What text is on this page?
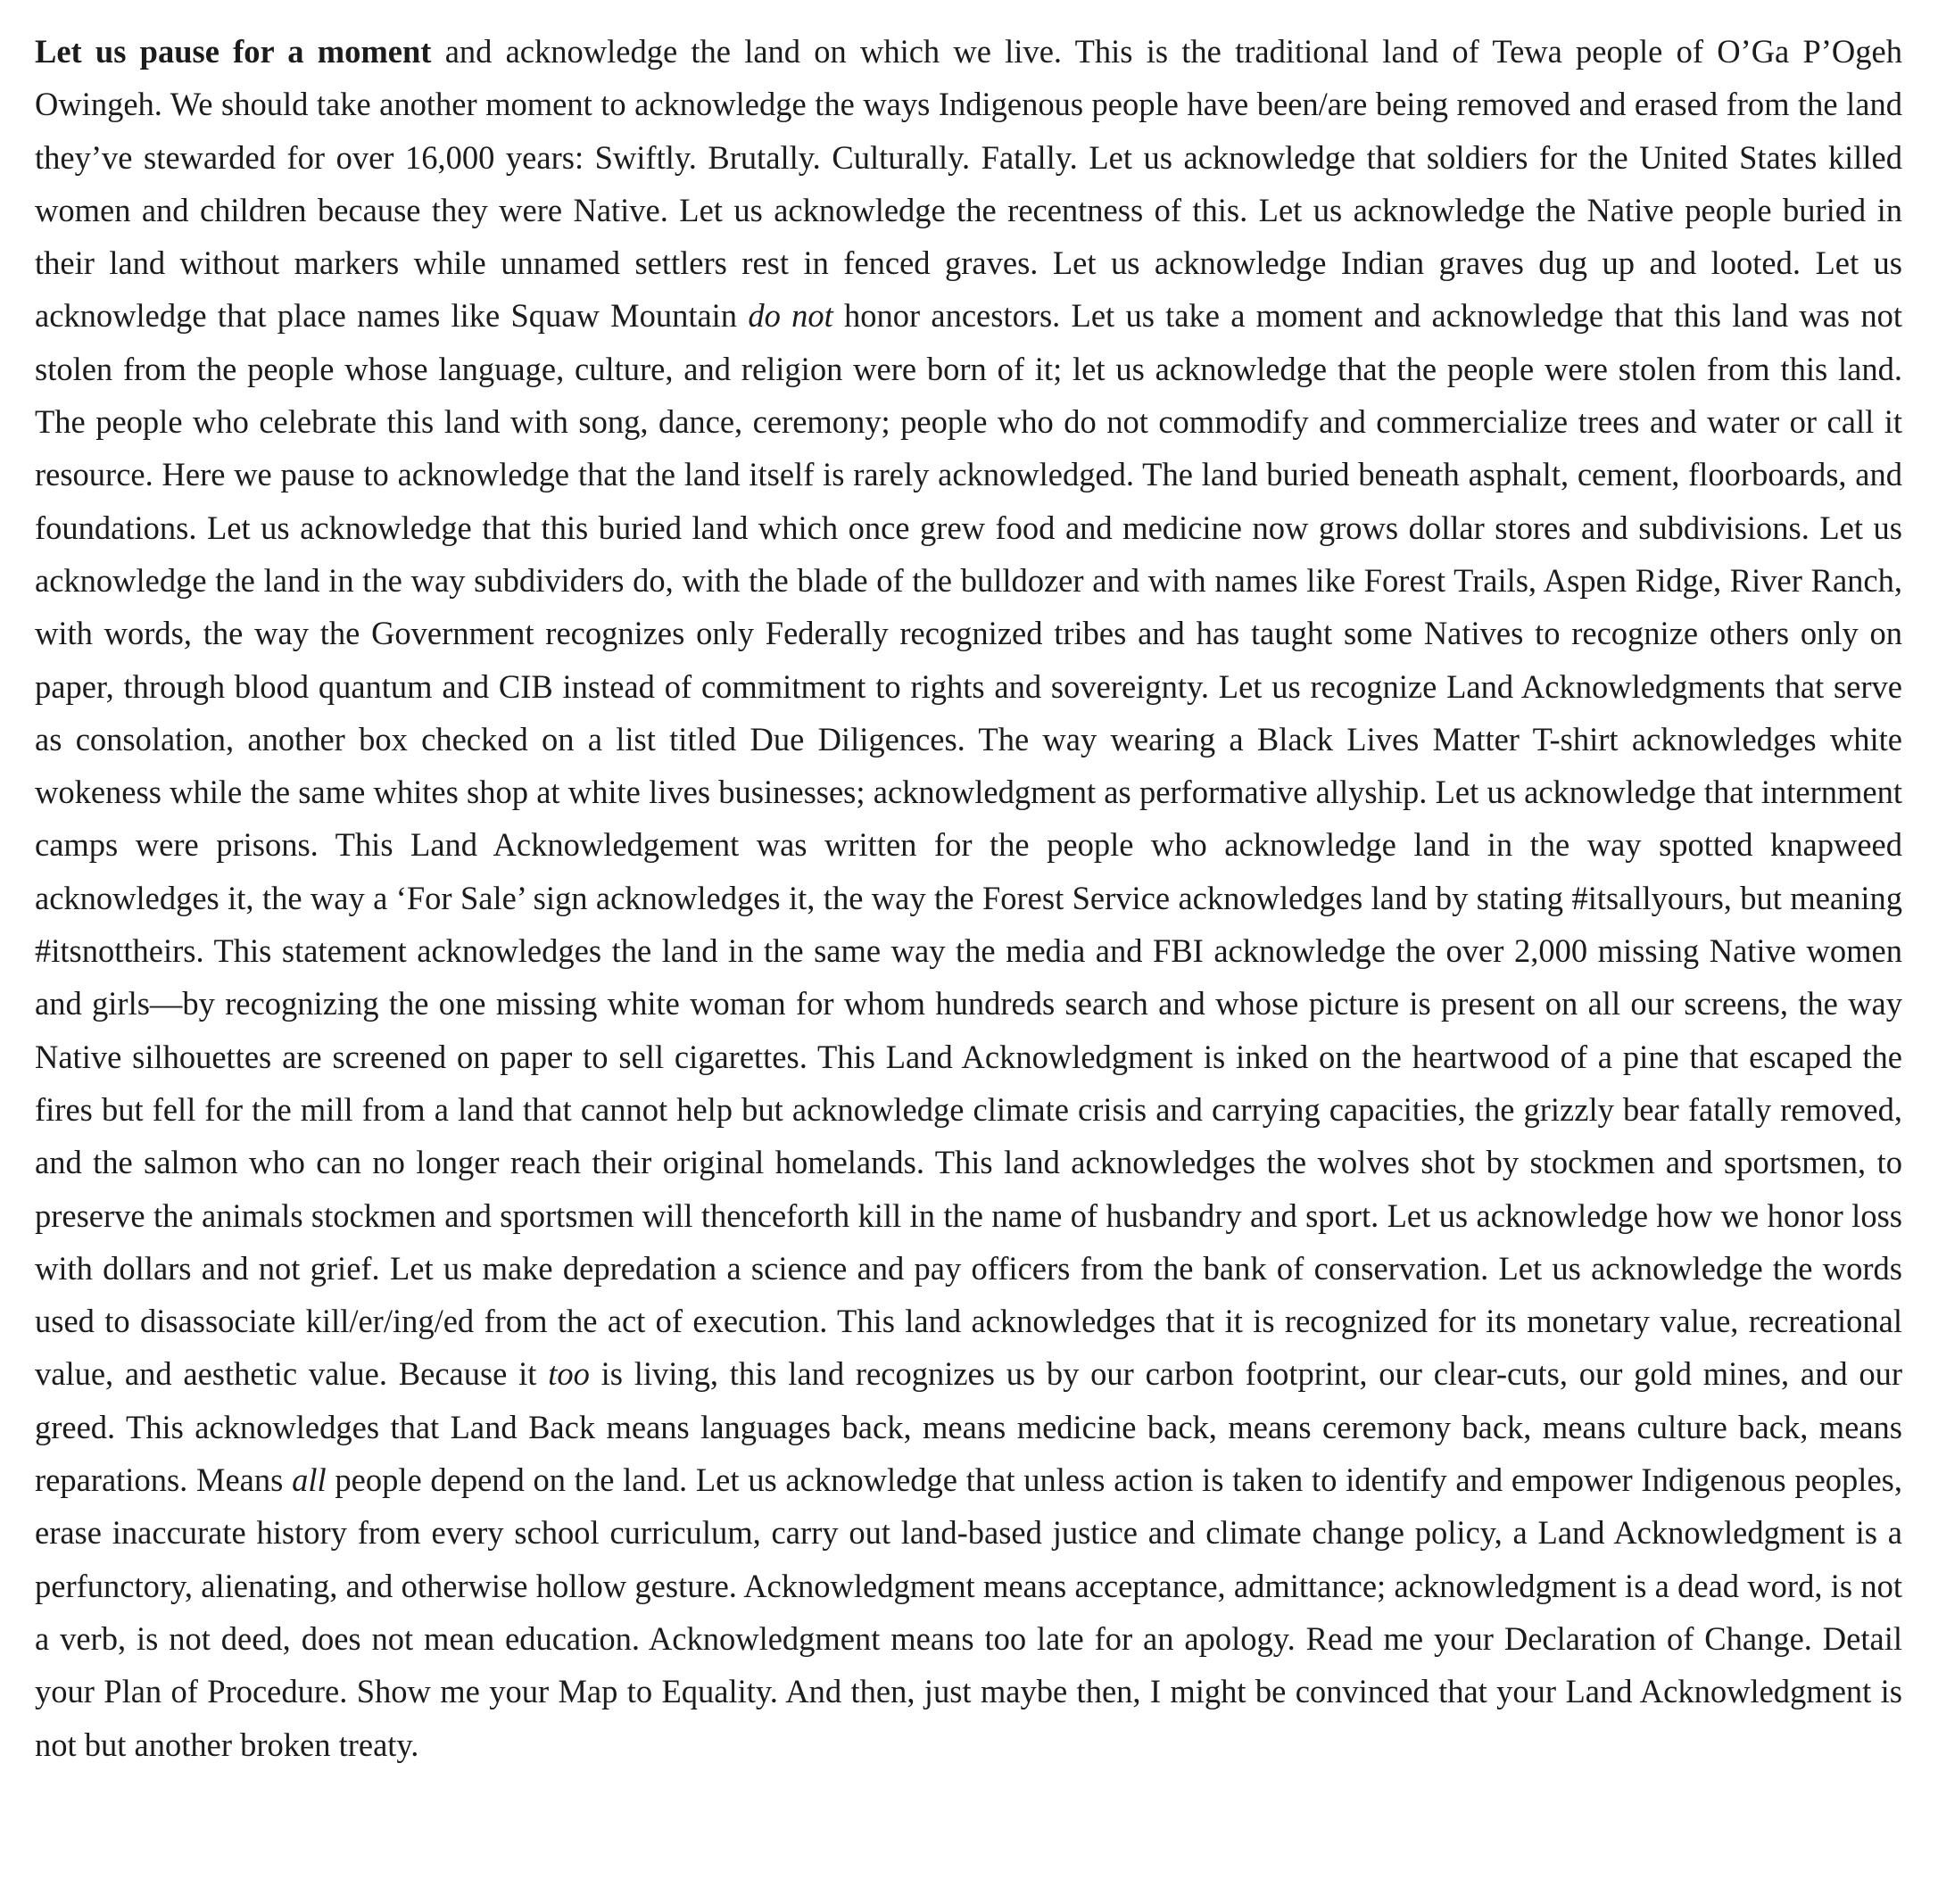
Let us pause for a moment and acknowledge the land on which we live. This is the traditional land of Tewa people of O’Ga P’Ogeh Owingeh. We should take another moment to acknowledge the ways Indigenous people have been/are being removed and erased from the land they’ve stewarded for over 16,000 years: Swiftly. Brutally. Culturally. Fatally. Let us acknowledge that soldiers for the United States killed women and children because they were Native. Let us acknowledge the recentness of this. Let us acknowledge the Native people buried in their land without markers while unnamed settlers rest in fenced graves. Let us acknowledge Indian graves dug up and looted. Let us acknowledge that place names like Squaw Mountain do not honor ancestors. Let us take a moment and acknowledge that this land was not stolen from the people whose language, culture, and religion were born of it; let us acknowledge that the people were stolen from this land. The people who celebrate this land with song, dance, ceremony; people who do not commodify and commercialize trees and water or call it resource. Here we pause to acknowledge that the land itself is rarely acknowledged. The land buried beneath asphalt, cement, floorboards, and foundations. Let us acknowledge that this buried land which once grew food and medicine now grows dollar stores and subdivisions. Let us acknowledge the land in the way subdividers do, with the blade of the bulldozer and with names like Forest Trails, Aspen Ridge, River Ranch, with words, the way the Government recognizes only Federally recognized tribes and has taught some Natives to recognize others only on paper, through blood quantum and CIB instead of commitment to rights and sovereignty. Let us recognize Land Acknowledgments that serve as consolation, another box checked on a list titled Due Diligences. The way wearing a Black Lives Matter T-shirt acknowledges white wokeness while the same whites shop at white lives businesses; acknowledgment as performative allyship. Let us acknowledge that internment camps were prisons. This Land Acknowledgement was written for the people who acknowledge land in the way spotted knapweed acknowledges it, the way a ‘For Sale’ sign acknowledges it, the way the Forest Service acknowledges land by stating #itsallyours, but meaning #itsnottheirs. This statement acknowledges the land in the same way the media and FBI acknowledge the over 2,000 missing Native women and girls—by recognizing the one missing white woman for whom hundreds search and whose picture is present on all our screens, the way Native silhouettes are screened on paper to sell cigarettes. This Land Acknowledgment is inked on the heartwood of a pine that escaped the fires but fell for the mill from a land that cannot help but acknowledge climate crisis and carrying capacities, the grizzly bear fatally removed, and the salmon who can no longer reach their original homelands. This land acknowledges the wolves shot by stockmen and sportsmen, to preserve the animals stockmen and sportsmen will thenceforth kill in the name of husbandry and sport. Let us acknowledge how we honor loss with dollars and not grief. Let us make depredation a science and pay officers from the bank of conservation. Let us acknowledge the words used to disassociate kill/er/ing/ed from the act of execution. This land acknowledges that it is recognized for its monetary value, recreational value, and aesthetic value. Because it too is living, this land recognizes us by our carbon footprint, our clear-cuts, our gold mines, and our greed. This acknowledges that Land Back means languages back, means medicine back, means ceremony back, means culture back, means reparations. Means all people depend on the land. Let us acknowledge that unless action is taken to identify and empower Indigenous peoples, erase inaccurate history from every school curriculum, carry out land-based justice and climate change policy, a Land Acknowledgment is a perfunctory, alienating, and otherwise hollow gesture. Acknowledgment means acceptance, admittance; acknowledgment is a dead word, is not a verb, is not deed, does not mean education. Acknowledgment means too late for an apology. Read me your Declaration of Change. Detail your Plan of Procedure. Show me your Map to Equality. And then, just maybe then, I might be convinced that your Land Acknowledgment is not but another broken treaty.
